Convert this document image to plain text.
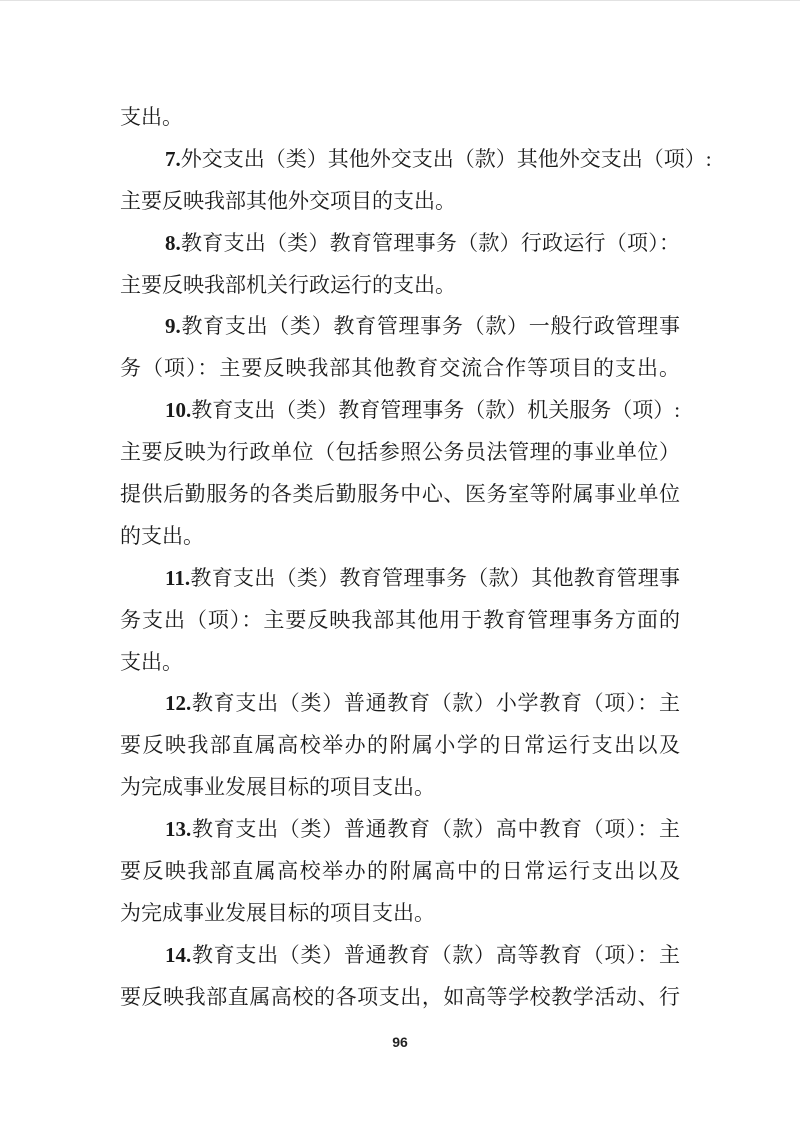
支出。
7.外交支出（类）其他外交支出（款）其他外交支出（项）:
主要反映我部其他外交项目的支出。
8.教育支出（类）教育管理事务（款）行政运行（项）：
主要反映我部机关行政运行的支出。
9.教育支出（类）教育管理事务（款）一般行政管理事
务（项）：主要反映我部其他教育交流合作等项目的支出。
10.教育支出（类）教育管理事务（款）机关服务（项）:
主要反映为行政单位（包括参照公务员法管理的事业单位）
提供后勤服务的各类后勤服务中心、医务室等附属事业单位
的支出。
11.教育支出（类）教育管理事务（款）其他教育管理事
务支出（项）：主要反映我部其他用于教育管理事务方面的
支出。
12.教育支出（类）普通教育（款）小学教育（项）：主
要反映我部直属高校举办的附属小学的日常运行支出以及
为完成事业发展目标的项目支出。
13.教育支出（类）普通教育（款）高中教育（项）：主
要反映我部直属高校举办的附属高中的日常运行支出以及
为完成事业发展目标的项目支出。
14.教育支出（类）普通教育（款）高等教育（项）：主
要反映我部直属高校的各项支出，如高等学校教学活动、行
96
